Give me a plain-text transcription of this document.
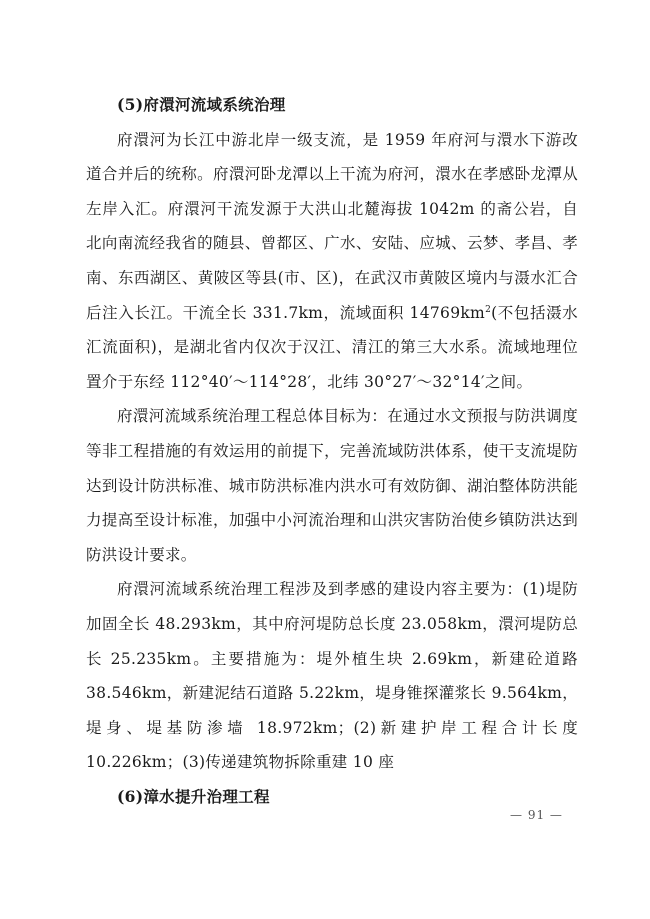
(5)府澴河流域系统治理

府澴河为长江中游北岸一级支流，是 1959 年府河与澴水下游改道合并后的统称。府澴河卧龙潭以上干流为府河，澴水在孝感卧龙潭从左岸入汇。府澴河干流发源于大洪山北麓海拔 1042m 的斋公岩，自北向南流经我省的随县、曾都区、广水、安陆、应城、云梦、孝昌、孝南、东西湖区、黄陂区等县(市、区)，在武汉市黄陂区境内与滠水汇合后注入长江。干流全长 331.7km，流域面积 $14769km^2$(不包括滠水汇流面积)，是湖北省内仅次于汉江、清江的第三大水系。流域地理位置介于东经 112°40′～114°28′，北纬 30°27′～32°14′之间。

府澴河流域系统治理工程总体目标为：在通过水文预报与防洪调度等非工程措施的有效运用的前提下，完善流域防洪体系，使干支流堤防达到设计防洪标准、城市防洪标准内洪水可有效防御、湖泊整体防洪能力提高至设计标准，加强中小河流治理和山洪灾害防治使乡镇防洪达到防洪设计要求。

府澴河流域系统治理工程涉及到孝感的建设内容主要为：(1)堤防加固全长 48.293km，其中府河堤防总长度 23.058km，澴河堤防总长 25.235km。主要措施为：堤外植生块 2.69km，新建砼道路 38.546km，新建泥结石道路 5.22km，堤身锥探灌浆长 9.564km，堤身、堤基防渗墙 18.972km；(2)新建护岸工程合计长度 10.226km；(3)传递建筑物拆除重建 10 座

(6)漳水提升治理工程

— 91 —
